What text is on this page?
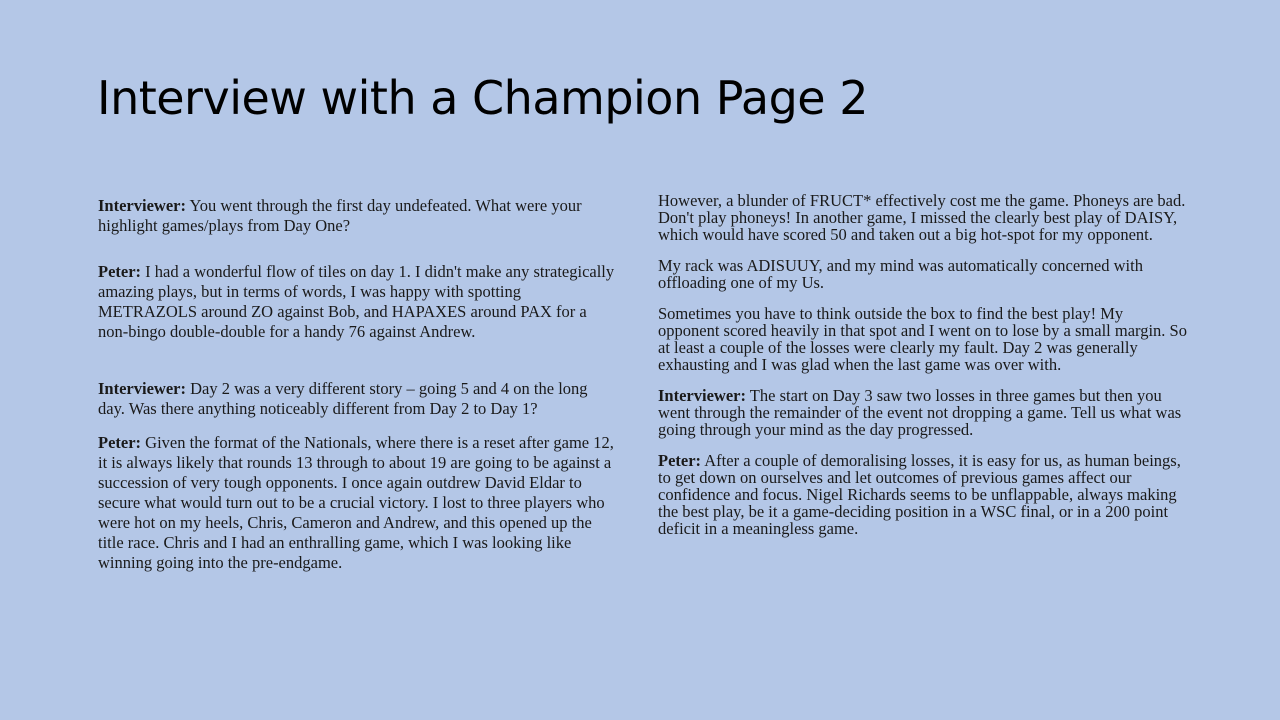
Interview with a Champion Page 2

Interviewer: You went through the first day undefeated. What were your highlight games/plays from Day One?

Peter: I had a wonderful flow of tiles on day 1. I didn't make any strategically amazing plays, but in terms of words, I was happy with spotting METRAZOLS around ZO against Bob, and HAPAXES around PAX for a non-bingo double-double for a handy 76 against Andrew.

Interviewer: Day 2 was a very different story – going 5 and 4 on the long day. Was there anything noticeably different from Day 2 to Day 1?

Peter: Given the format of the Nationals, where there is a reset after game 12, it is always likely that rounds 13 through to about 19 are going to be against a succession of very tough opponents. I once again outdrew David Eldar to secure what would turn out to be a crucial victory. I lost to three players who were hot on my heels, Chris, Cameron and Andrew, and this opened up the title race. Chris and I had an enthralling game, which I was looking like winning going into the pre-endgame.

However, a blunder of FRUCT* effectively cost me the game. Phoneys are bad. Don't play phoneys! In another game, I missed the clearly best play of DAISY, which would have scored 50 and taken out a big hot-spot for my opponent.

My rack was ADISUUY, and my mind was automatically concerned with offloading one of my Us.

Sometimes you have to think outside the box to find the best play! My opponent scored heavily in that spot and I went on to lose by a small margin. So at least a couple of the losses were clearly my fault. Day 2 was generally exhausting and I was glad when the last game was over with.

Interviewer: The start on Day 3 saw two losses in three games but then you went through the remainder of the event not dropping a game. Tell us what was going through your mind as the day progressed.

Peter: After a couple of demoralising losses, it is easy for us, as human beings, to get down on ourselves and let outcomes of previous games affect our confidence and focus. Nigel Richards seems to be unflappable, always making the best play, be it a game-deciding position in a WSC final, or in a 200 point deficit in a meaningless game.
